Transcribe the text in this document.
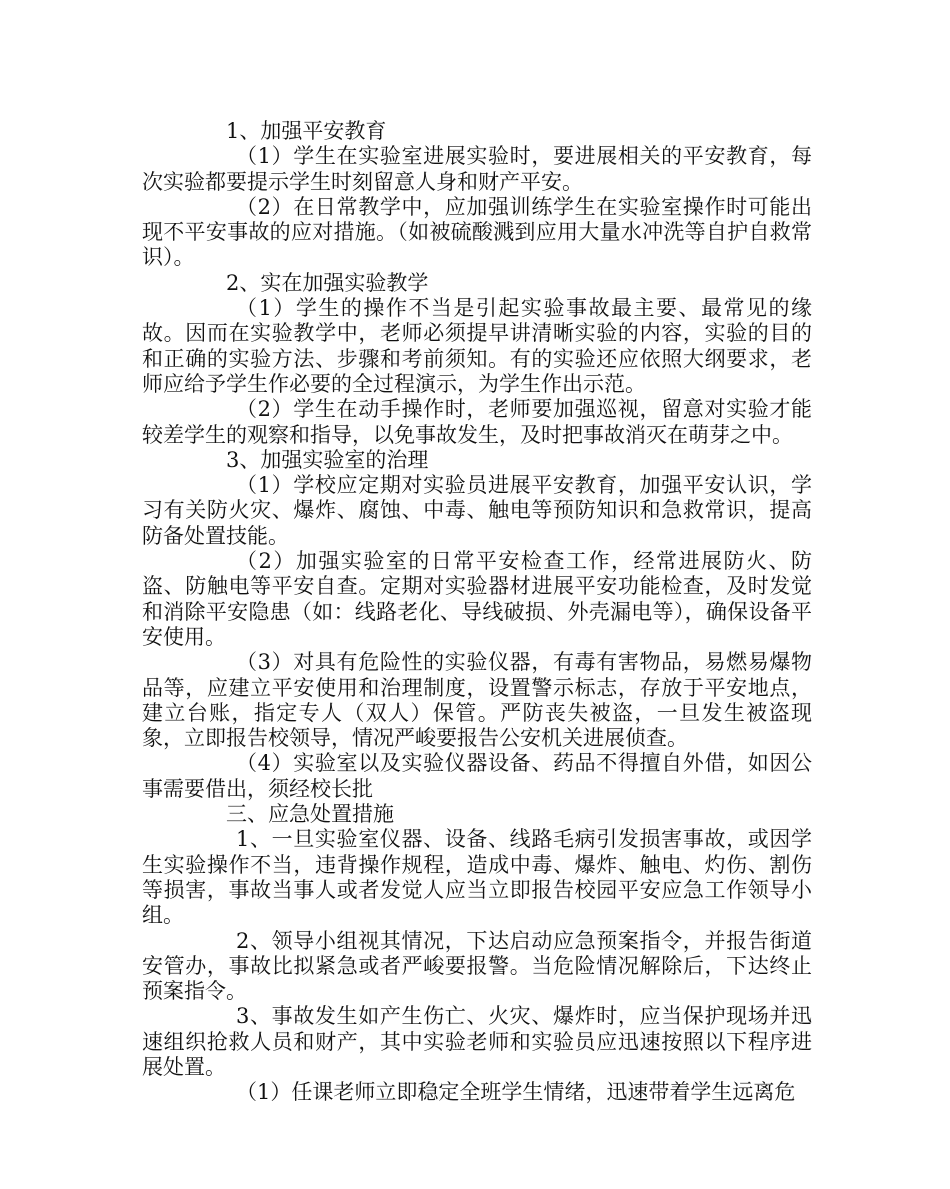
1、加强平安教育

（1）学生在实验室进展实验时，要进展相关的平安教育，每次实验都要提示学生时刻留意人身和财产平安。

（2）在日常教学中，应加强训练学生在实验室操作时可能出现不平安事故的应对措施。（如被硫酸溅到应用大量水冲洗等自护自救常识）。

2、实在加强实验教学

（1）学生的操作不当是引起实验事故最主要、最常见的缘故。因而在实验教学中，老师必须提早讲清晰实验的内容，实验的目的和正确的实验方法、步骤和考前须知。有的实验还应依照大纲要求，老师应给予学生作必要的全过程演示，为学生作出示范。

（2）学生在动手操作时，老师要加强巡视，留意对实验才能较差学生的观察和指导，以免事故发生，及时把事故消灭在萌芽之中。

3、加强实验室的治理

（1）学校应定期对实验员进展平安教育，加强平安认识，学习有关防火灾、爆炸、腐蚀、中毒、触电等预防知识和急救常识，提高防备处置技能。

（2）加强实验室的日常平安检查工作，经常进展防火、防盗、防触电等平安自查。定期对实验器材进展平安功能检查，及时发觉和消除平安隐患（如：线路老化、导线破损、外壳漏电等），确保设备平安使用。

（3）对具有危险性的实验仪器，有毒有害物品，易燃易爆物品等，应建立平安使用和治理制度，设置警示标志，存放于平安地点，建立台账，指定专人（双人）保管。严防丧失被盗，一旦发生被盗现象，立即报告校领导，情况严峻要报告公安机关进展侦查。

（4）实验室以及实验仪器设备、药品不得擅自外借，如因公事需要借出，须经校长批

三、应急处置措施

1、一旦实验室仪器、设备、线路毛病引发损害事故，或因学生实验操作不当，违背操作规程，造成中毒、爆炸、触电、灼伤、割伤等损害，事故当事人或者发觉人应当立即报告校园平安应急工作领导小组。

2、领导小组视其情况，下达启动应急预案指令，并报告街道安管办，事故比拟紧急或者严峻要报警。当危险情况解除后，下达终止预案指令。

3、事故发生如产生伤亡、火灾、爆炸时，应当保护现场并迅速组织抢救人员和财产，其中实验老师和实验员应迅速按照以下程序进展处置。

（1）任课老师立即稳定全班学生情绪，迅速带着学生远离危
